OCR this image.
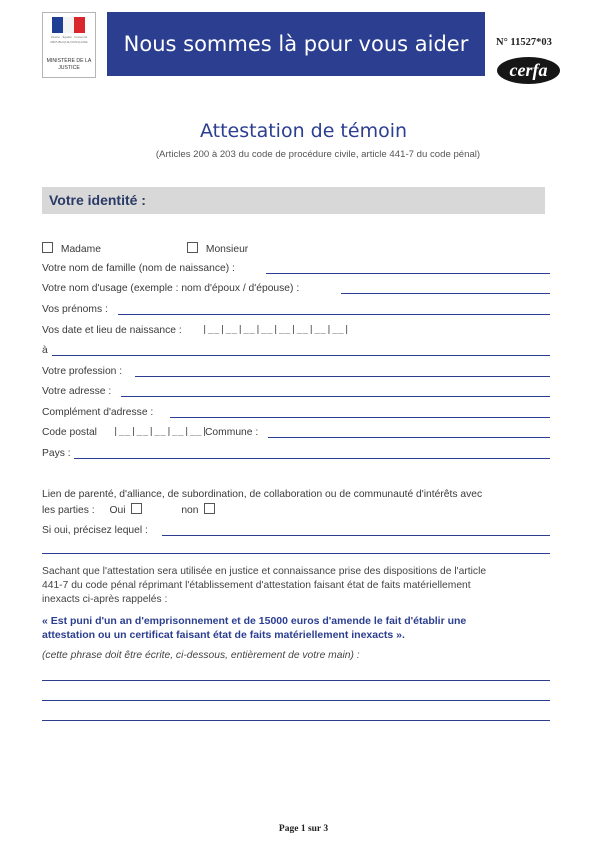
Liberté · Égalité · Fraternité
RÉPUBLIQUE FRANÇAISE
MINISTÈRE DE LA JUSTICE
Nous sommes là pour vous aider	N° 11527*03
cerfa
Attestation de témoin
(Articles 200 à 203 du code de procédure civile, article 441-7 du code pénal)
Votre identité :
Madame	Monsieur
Votre nom de famille (nom de naissance) :
Votre nom d'usage (exemple : nom d'époux / d'épouse) :
Vos prénoms :
Vos date et lieu de naissance : |__|__|__|__|__|__|__|__|
à
Votre profession :
Votre adresse :
Complément d'adresse :
Code postal |__|__|__|__|__|
Commune :
Pays :
Lien de parenté, d'alliance, de subordination, de collaboration ou de communauté d'intérêts avec
les parties : Oui	non
Si oui, précisez lequel :
Sachant que l'attestation sera utilisée en justice et connaissance prise des dispositions de l'article
441-7 du code pénal réprimant l'établissement d'attestation faisant état de faits matériellement
inexacts ci-après rappelés :
« Est puni d'un an d'emprisonnement et de 15000 euros d'amende le fait d'établir une
attestation ou un certificat faisant état de faits matériellement inexacts ».
(cette phrase doit être écrite, ci-dessous, entièrement de votre main) :
Page 1 sur 3
